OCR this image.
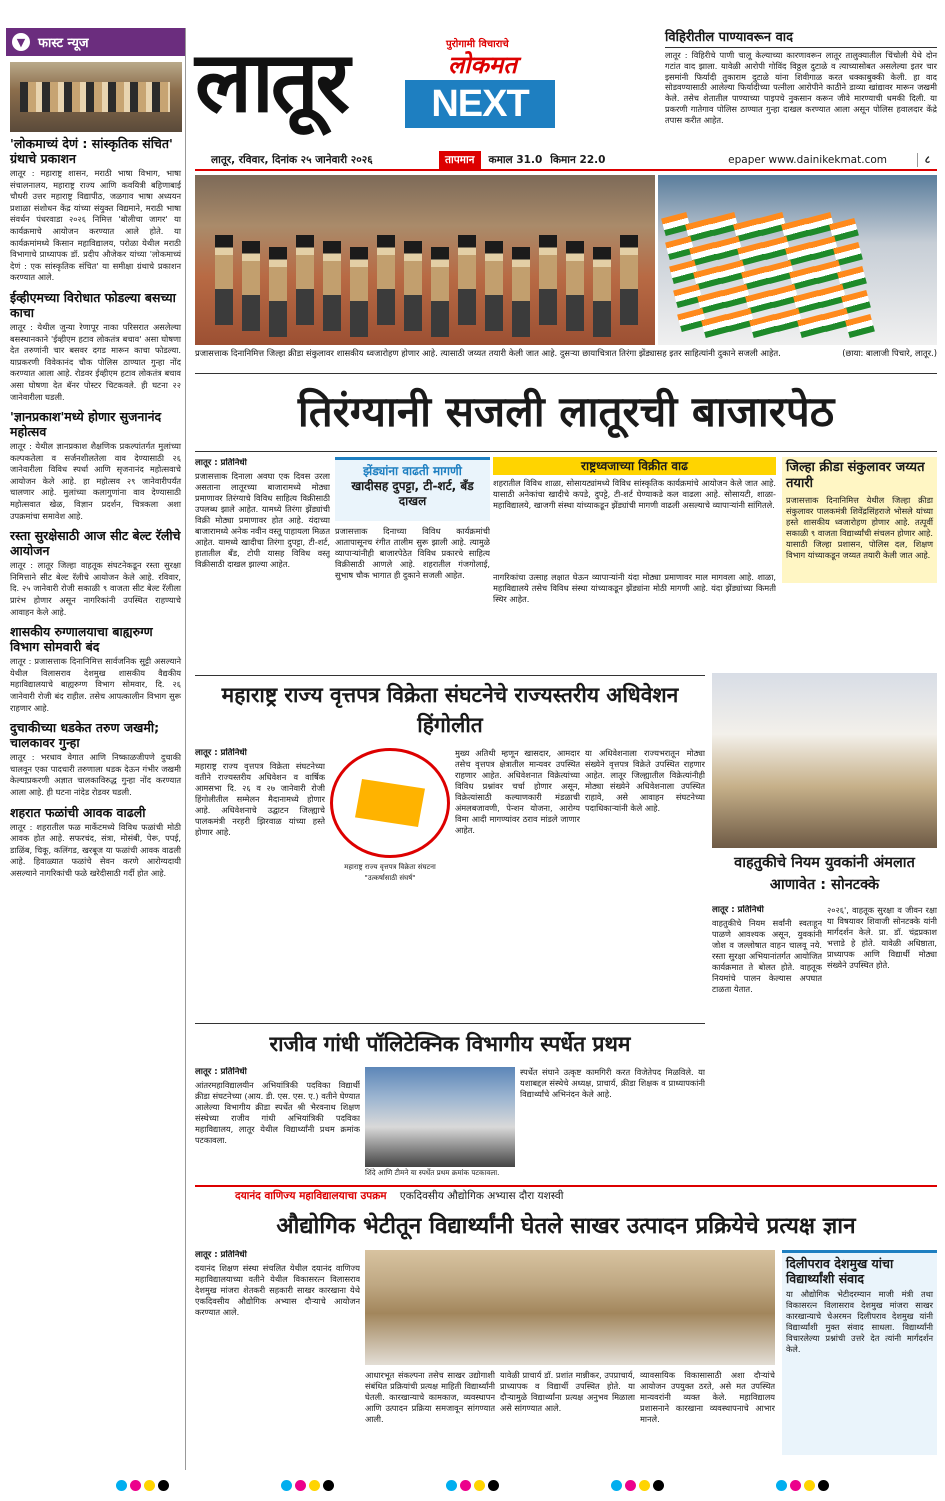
▼ फास्ट न्यूज
'लोकमाच्यं देणं : सांस्कृतिक संचित' ग्रंथाचे प्रकाशन

लातूर : महाराष्ट्र शासन, मराठी भाषा विभाग, भाषा संचालनालय, महाराष्ट्र राज्य आणि कवयित्री बहिणाबाई चौधरी उत्तर महाराष्ट्र विद्यापीठ, जळगाव भाषा अध्ययन प्रशाळा संशोधन केंद्र यांच्या संयुक्त विद्यमाने, मराठी भाषा संवर्धन पंधरवाडा २०२६ निमित्त 'बोलीचा जागर' या कार्यक्रमाचे आयोजन करण्यात आले होते. या कार्यक्रमांमध्ये किसान महाविद्यालय, परोळा येथील मराठी विभागाचे प्राध्यापक डॉ. प्रदीप औजेकर यांच्या 'लोकमाच्यं देणं : एक सांस्कृतिक संचित' या समीक्षा ग्रंथाचे प्रकाशन करण्यात आले.

ईव्हीएमच्या विरोधात फोडल्या बसच्या काचा

लातूर : येथील जुन्या रेणापूर नाका परिसरात असलेल्या बसस्थानकाने 'ईव्हीएम हटाव लोकतंत्र बचाव' असा घोषणा देत तरुणांनी चार बसवर दगड मारून काचा फोडल्या. याप्रकरणी विवेकानंद चौक पोलिस ठाण्यात गुन्हा नोंद करण्यात आला आहे. रोडवर ईव्हीएम हटाव लोकतंत्र बचाव असा घोषणा देत बॅनर पोस्टर चिटकवले. ही घटना २२ जानेवारीला घडली.

'ज्ञानप्रकाश'मध्ये होणार सुजनानंद महोत्सव

लातूर : येथील ज्ञानप्रकाश शैक्षणिक प्रकल्पांतर्गत मुलांच्या कल्पकतेला व सर्जनशीलतेला वाव देण्यासाठी २६ जानेवारीला विविध स्पर्धा आणि सृजनानंद महोत्सवाचे आयोजन केले आहे. हा महोत्सव २९ जानेवारीपर्यंत चालणार आहे. मुलांच्या कलागुणांना वाव देण्यासाठी महोत्सवात खेळ, विज्ञान प्रदर्शन, चित्रकला अशा उपक्रमांचा समावेश आहे.

रस्ता सुरक्षेसाठी आज सीट बेल्ट रॅलीचे आयोजन

लातूर : लातूर जिल्हा वाहतूक संघटनेकडून रस्ता सुरक्षा निमित्ताने सीट बेल्ट रॅलीचे आयोजन केले आहे. रविवार, दि. २५ जानेवारी रोजी सकाळी ९ वाजता सीट बेल्ट रॅलीला प्रारंभ होणार असून नागरिकांनी उपस्थित राहण्याचे आवाहन केले आहे.

शासकीय रुग्णालयाचा बाह्यरुग्ण विभाग सोमवारी बंद

लातूर : प्रजासत्ताक दिनानिमित्त सार्वजनिक सुट्टी असल्याने येथील विलासराव देशमुख शासकीय वैद्यकीय महाविद्यालयाचे बाह्यरुग्ण विभाग सोमवार, दि. २६ जानेवारी रोजी बंद राहील. तसेच आपत्कालीन विभाग सुरू राहणार आहे.

दुचाकीच्या धडकेत तरुण जखमी; चालकावर गुन्हा

लातूर : भरधाव वेगात आणि निष्काळजीपणे दुचाकी चालवून एका पादचारी तरुणाला धडक देऊन गंभीर जखमी केल्याप्रकरणी अज्ञात चालकाविरुद्ध गुन्हा नोंद करण्यात आला आहे. ही घटना नांदेड रोडवर घडली.

शहरात फळांची आवक वाढली

लातूर : शहरातील फळ मार्केटमध्ये विविध फळांची मोठी आवक होत आहे. सफरचंद, संत्रा, मोसंबी, पेरू, पपई, डाळिंब, चिकू, कलिंगड, खरबूज या फळांची आवक वाढली आहे. हिवाळ्यात फळांचे सेवन करणे आरोग्यदायी असल्याने नागरिकांची फळे खरेदीसाठी गर्दी होत आहे.

लातूर	पुरोगामी विचाराचे
लोकमत
NEXT
विहिरीतील पाण्यावरून वाद

लातूर : विहिरीचे पाणी चालू केल्याच्या कारणावरून लातूर तालुक्यातील चिंचोली येथे दोन गटांत वाद झाला. यावेळी आरोपी गोविंद विठ्ठल दुटाळे व त्याच्यासोबत असलेल्या इतर चार इसमांनी फिर्यादी तुकाराम दुटाळे यांना शिवीगाळ करत धक्काबुक्की केली. हा वाद सोडवण्यासाठी आलेल्या फिर्यादीच्या पत्नीला आरोपीने काठीने डाव्या खांद्यावर मारून जखमी केले. तसेच शेतातील पाण्याच्या पाइपचे नुकसान करून जीवे मारण्याची धमकी दिली. या प्रकरणी गातेगाव पोलिस ठाण्यात गुन्हा दाखल करण्यात आला असून पोलिस हवालदार केंद्रे तपास करीत आहेत.

लातूर, रविवार, दिनांक २५ जानेवारी २०२६	तापमान	कमाल 31.0 किमान 22.0	epaper www.dainikekmat.com	८
प्रजासत्ताक दिनानिमित्त जिल्हा क्रीडा संकुलावर शासकीय ध्वजारोहण होणार आहे. त्यासाठी जय्यत तयारी केली जात आहे. दुसऱ्या छायाचित्रात तिरंगा झेंड्यासह इतर साहित्यांनी दुकाने सजली आहेत.	(छाया: बालाजी पिचारे, लातूर.)
तिरंग्यानी सजली लातूरची बाजारपेठ
लातूर : प्रतिनिधी
प्रजासत्ताक दिनाला अवघा एक दिवस उरला असताना लातूरच्या बाजारामध्ये मोठ्या प्रमाणावर तिरंग्याचे विविध साहित्य विक्रीसाठी उपलब्ध झाले आहेत. यामध्ये तिरंगा झेंड्यांची विक्री मोठ्या प्रमाणावर होत आहे. यंदाच्या बाजारामध्ये अनेक नवीन वस्तू पाहायला मिळत आहेत. यामध्ये खादीचा तिरंगा दुपट्टा, टी-शर्ट, हातातील बँड, टोपी यासह विविध वस्तू विक्रीसाठी दाखल झाल्या आहेत.
झेंड्यांना वाढती मागणी
खादीसह दुपट्टा, टी-शर्ट, बँड दाखल
प्रजासत्ताक दिनाच्या विविध कार्यक्रमांची आतापासूनच रंगीत तालीम सुरू झाली आहे. त्यामुळे व्यापाऱ्यांनीही बाजारपेठेत विविध प्रकारचे साहित्य विक्रीसाठी आणले आहे. शहरातील गंजगोलाई, सुभाष चौक भागात ही दुकाने सजली आहेत.
राष्ट्रध्वजाच्या विक्रीत वाढ
शहरातील विविध शाळा, सोसायट्यांमध्ये विविध सांस्कृतिक कार्यक्रमांचे आयोजन केले जात आहे. यासाठी अनेकांचा खादीचे कपडे, दुपट्टे, टी-शर्ट घेण्याकडे कल वाढला आहे. सोसायटी, शाळा-महाविद्यालये, खाजगी संस्था यांच्याकडून झेंड्यांची मागणी वाढली असल्याचे व्यापाऱ्यांनी सांगितले.
नागरिकांचा उत्साह लक्षात घेऊन व्यापाऱ्यांनी यंदा मोठ्या प्रमाणावर माल मागवला आहे. शाळा, महाविद्यालये तसेच विविध संस्था यांच्याकडून झेंड्यांना मोठी मागणी आहे. यंदा झेंड्यांच्या किमती स्थिर आहेत.
जिल्हा क्रीडा संकुलावर जय्यत तयारी

प्रजासत्ताक दिनानिमित्त येथील जिल्हा क्रीडा संकुलावर पालकमंत्री शिवेंद्रसिंहराजे भोसले यांच्या हस्ते शासकीय ध्वजारोहण होणार आहे. तत्पूर्वी सकाळी ९ वाजता विद्यार्थ्यांची संचलन होणार आहे. यासाठी जिल्हा प्रशासन, पोलिस दल, शिक्षण विभाग यांच्याकडून जय्यत तयारी केली जात आहे.

महाराष्ट्र राज्य वृत्तपत्र विक्रेता संघटनेचे राज्यस्तरीय अधिवेशन हिंगोलीत
लातूर : प्रतिनिधी
महाराष्ट्र राज्य वृत्तपत्र विक्रेता संघटनेच्या वतीने राज्यस्तरीय अधिवेशन व वार्षिक आमसभा दि. २६ व २७ जानेवारी रोजी हिंगोलीतील सम्मेलन मैदानामध्ये होणार आहे. अधिवेशनाचे उद्घाटन जिल्ह्याचे पालकमंत्री नरहरी झिरवाळ यांच्या हस्ते होणार आहे.
महाराष्ट्र राज्य वृत्तपत्र विक्रेता संघटना
"उत्कर्षासाठी संघर्ष"
मुख्य अतिथी म्हणून खासदार, आमदार तसेच वृत्तपत्र क्षेत्रातील मान्यवर उपस्थित राहणार आहेत. अधिवेशनात विक्रेत्यांच्या विविध प्रश्नांवर चर्चा होणार असून, विक्रेत्यांसाठी कल्याणकारी मंडळाची अंमलबजावणी, पेन्शन योजना, आरोग्य विमा आदी मागण्यांवर ठराव मांडले जाणार आहेत.
या अधिवेशनाला राज्यभरातून मोठ्या संख्येने वृत्तपत्र विक्रेते उपस्थित राहणार आहेत. लातूर जिल्ह्यातील विक्रेत्यांनीही मोठ्या संख्येने अधिवेशनाला उपस्थित राहावे, असे आवाहन संघटनेच्या पदाधिकाऱ्यांनी केले आहे.
वाहतुकीचे नियम युवकांनी अंमलात आणावेत : सोनटक्के
लातूर : प्रतिनिधी
वाहतुकीचे नियम सर्वांनी स्वतःहून पाळणे आवश्यक असून, युवकांनी जोश व जल्लोषात वाहन चालवू नये. रस्ता सुरक्षा अभियानांतर्गत आयोजित कार्यक्रमात ते बोलत होते. वाहतूक नियमांचे पालन केल्यास अपघात टाळता येतात.
२०२६', वाहतूक सुरक्षा व जीवन रक्षा या विषयावर शिवाजी सोनटक्के यांनी मार्गदर्शन केले. प्रा. डॉ. चंद्रप्रकाश भत्ताडे हे होते. यावेळी अधिष्ठाता, प्राध्यापक आणि विद्यार्थी मोठ्या संख्येने उपस्थित होते.
राजीव गांधी पॉलिटेक्निक विभागीय स्पर्धेत प्रथम
लातूर : प्रतिनिधी
आंतरमहाविद्यालयीन अभियांत्रिकी पदविका विद्यार्थी क्रीडा संघटनेच्या (आय. डी. एस. एस. ए.) वतीने घेण्यात आलेल्या विभागीय क्रीडा स्पर्धेत श्री भैरवनाथ शिक्षण संस्थेच्या राजीव गांधी अभियांत्रिकी पदविका महाविद्यालय, लातूर येथील विद्यार्थ्यांनी प्रथम क्रमांक पटकावला.
शिंदे आणि टीमने या स्पर्धेत प्रथम क्रमांक पटकावला.
स्पर्धेत संघाने उत्कृष्ट कामगिरी करत विजेतेपद मिळविले. या यशाबद्दल संस्थेचे अध्यक्ष, प्राचार्य, क्रीडा शिक्षक व प्राध्यापकांनी विद्यार्थ्यांचे अभिनंदन केले आहे.
दयानंद वाणिज्य महाविद्यालयाचा उपक्रम एकदिवसीय औद्योगिक अभ्यास दौरा यशस्वी
औद्योगिक भेटीतून विद्यार्थ्यांनी घेतले साखर उत्पादन प्रक्रियेचे प्रत्यक्ष ज्ञान
लातूर : प्रतिनिधी
दयानंद शिक्षण संस्था संचलित येथील दयानंद वाणिज्य महाविद्यालयाच्या वतीने येथील विकासरत्न विलासराव देशमुख मांजरा शेतकरी सहकारी साखर कारखाना येथे एकदिवसीय औद्योगिक अभ्यास दौऱ्याचे आयोजन करण्यात आले.
आधारभूत संकल्पना तसेच साखर उद्योगाशी संबंधित प्रक्रियांची प्रत्यक्ष माहिती विद्यार्थ्यांनी घेतली. कारखान्याचे कामकाज, व्यवस्थापन आणि उत्पादन प्रक्रिया समजावून सांगण्यात आली.
यावेळी प्राचार्य डॉ. प्रशांत मान्नीकर, उपप्राचार्य, प्राध्यापक व विद्यार्थी उपस्थित होते. या दौऱ्यामुळे विद्यार्थ्यांना प्रत्यक्ष अनुभव मिळाला असे सांगण्यात आले.
व्यावसायिक विकासासाठी अशा दौऱ्यांचे आयोजन उपयुक्त ठरते, असे मत उपस्थित मान्यवरांनी व्यक्त केले. महाविद्यालय प्रशासनाने कारखाना व्यवस्थापनाचे आभार मानले.
दिलीपराव देशमुख यांचा विद्यार्थ्यांशी संवाद

या औद्योगिक भेटीदरम्यान माजी मंत्री तथा विकासरत्न विलासराव देशमुख मांजरा साखर कारखान्याचे चेअरमन दिलीपराव देशमुख यांनी विद्यार्थ्यांशी मुक्त संवाद साधला. विद्यार्थ्यांनी विचारलेल्या प्रश्नांची उत्तरे देत त्यांनी मार्गदर्शन केले.
